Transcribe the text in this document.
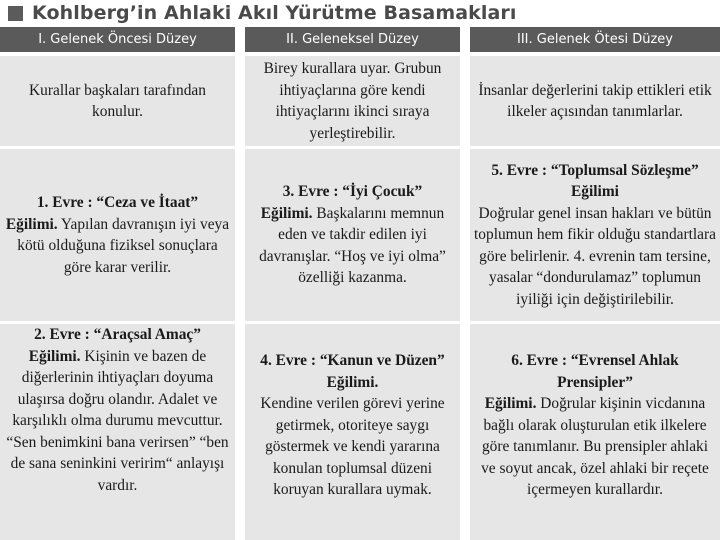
Kohlberg’in Ahlaki Akıl Yürütme Basamakları
I. Gelenek Öncesi Düzey	II. Geleneksel Düzey	III. Gelenek Ötesi Düzey

Kurallar başkaları tarafından konulur.

Birey kurallara uyar. Grubun ihtiyaçlarına göre kendi ihtiyaçlarını ikinci sıraya yerleştirebilir.

İnsanlar değerlerini takip ettikleri etik ilkeler açısından tanımlarlar.

1. Evre : “Ceza ve İtaat”
Eğilimi. Yapılan davranışın iyi veya kötü olduğuna fiziksel sonuçlara göre karar verilir.

3. Evre : “İyi Çocuk”
Eğilimi. Başkalarını memnun eden ve takdir edilen iyi davranışlar. “Hoş ve iyi olma” özelliği kazanma.

5. Evre : “Toplumsal Sözleşme” Eğilimi
Doğrular genel insan hakları ve bütün toplumun hem fikir olduğu standartlara göre belirlenir. 4. evrenin tam tersine, yasalar “dondurulamaz” toplumun iyiliği için değiştirilebilir.

2. Evre : “Araçsal Amaç”
Eğilimi. Kişinin ve bazen de diğerlerinin ihtiyaçları doyuma ulaşırsa doğru olandır. Adalet ve karşılıklı olma durumu mevcuttur. “Sen benimkini bana verirsen” “ben de sana seninkini veririm“ anlayışı vardır.

4. Evre : “Kanun ve Düzen” Eğilimi.
Kendine verilen görevi yerine getirmek, otoriteye saygı göstermek ve kendi yararına konulan toplumsal düzeni koruyan kurallara uymak.

6. Evre : “Evrensel Ahlak Prensipler”
Eğilimi. Doğrular kişinin vicdanına bağlı olarak oluşturulan etik ilkelere göre tanımlanır. Bu prensipler ahlaki ve soyut ancak, özel ahlaki bir reçete içermeyen kurallardır.
